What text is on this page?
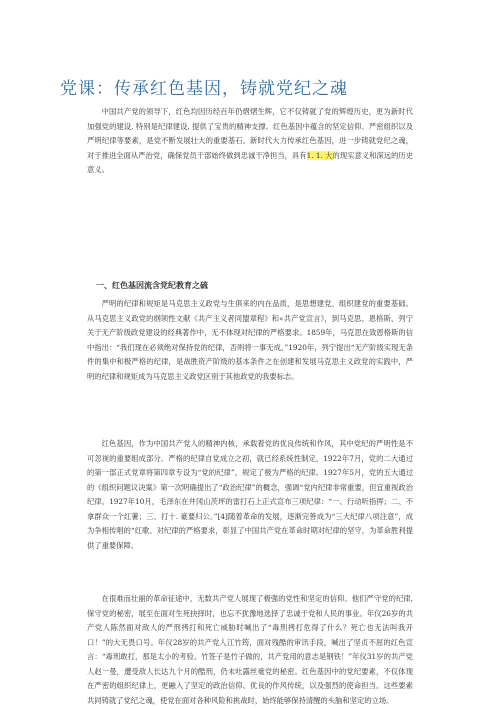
党课：传承红色基因，铸就党纪之魂

中国共产党的领导下，红色均因历经百年仍熠熠生辉，它不仅铸就了党的辉煌历史，更为新时代加强党的建设, 特别是纪律建设, 提供了宝贵的精神支撑。红色基因中蕴含的坚定信仰、严密组织以及严明纪律等要素，是党不断发展壮大的重要基石。新时代大力传承红色基因，进一步铸就党纪之魂，对于推进全面从严治党，确保党员干部始终做到忠诚干净担当，具有1. 1. 大的现实意义和深远的历史意义。

一、红色基因流含党纪教育之硫

严明的纪律和规矩是马克思主义政党与生俱来的内在品质，是思想建党、组织建党的重要基础。从马克思主义政党的纲领性文献《共产主义者同盟章程》和«共产党宣言》，到马克思、恩格斯、列宁关于无产阶级政党建设的经典著作中，无不体现对纪律的严格要求。1859年，马克思在致恩格斯的信中指出：“我们现在必须绝对保持党的纪律，否则将一事无成。”1920年，列宁提出“无产阶级实现无条件的集中和极严格的纪律，是战胜资产阶级的基本条件之在创建和发展马克思主义政党的实践中，严明的纪律和规矩成为马克思主义政党区别于其他政党的我要标志。

红色基因，作为中国共产党人的精神内核，承载着党的优良传统和作风，其中党纪的严明性是不可忽视的重要组成部分。严格的纪律自党成立之初，就已经系统性制定，1922年7月，党的二大通过的第一部正式党章将第四章专设为“党的纪律”，规定了极为严格的纪律。1927年5月，党的五大通过的《组织问题议决案》第一次明确提出了“政治纪律”的概念，强调“党内纪律非常重要，但宜重视政治纪律。1927年10月，毛泽东在井冈山茨坪的雷打石上正式宣布三项纪律：“一、行动听指挥；二、不拿群众一个红薯；三、打十. 豪要归公。”[4]随着革命的发展，逐渐完善成为“三大纪律八项注意”，成为争相传唱的“红歌、对纪律的严格要求，彰显了中国共产党在革命时期对纪律的坚守，为革命胜利提供了重要保障。

在很难而壮丽的革命征途中，无数共产党人展现了极强的党性和坚定的信仰。他们严守党的纪律, 保守党的秘密，展至在面对生死抉择时，也忘不犹豫地选择了忠诚于党和人民的事业。年仪26岁的共产党人陈然面对敌人的严刑拷打和死亡威胁时喊出了“毒刑拷打危得了什么？死亡也无法叫我开口！”的大无畏口号。年仪28岁的共产党人江竹筠，面对残酷的审讯手段，喊出了坚贞不屈的红色宣言：“毒刑敢打，那是太小的考验。竹签子是竹子做的，共产党用的意志是钢铁！”年仪31岁的共产党人赵一曼，遭受敌人长达九个月的酷刑，仍未吐露丝毫党的秘密。红色基因中的党纪要素，不仅体现在严密的组织纪律上，更融入了坚定的政治信仰、优良的作风传统，以及强烈的使命担当。这些要素共同铸就了党纪之魂，使党在面对各种风险和挑战时，始终能够保持清醒的头脑和坚定的立场。
